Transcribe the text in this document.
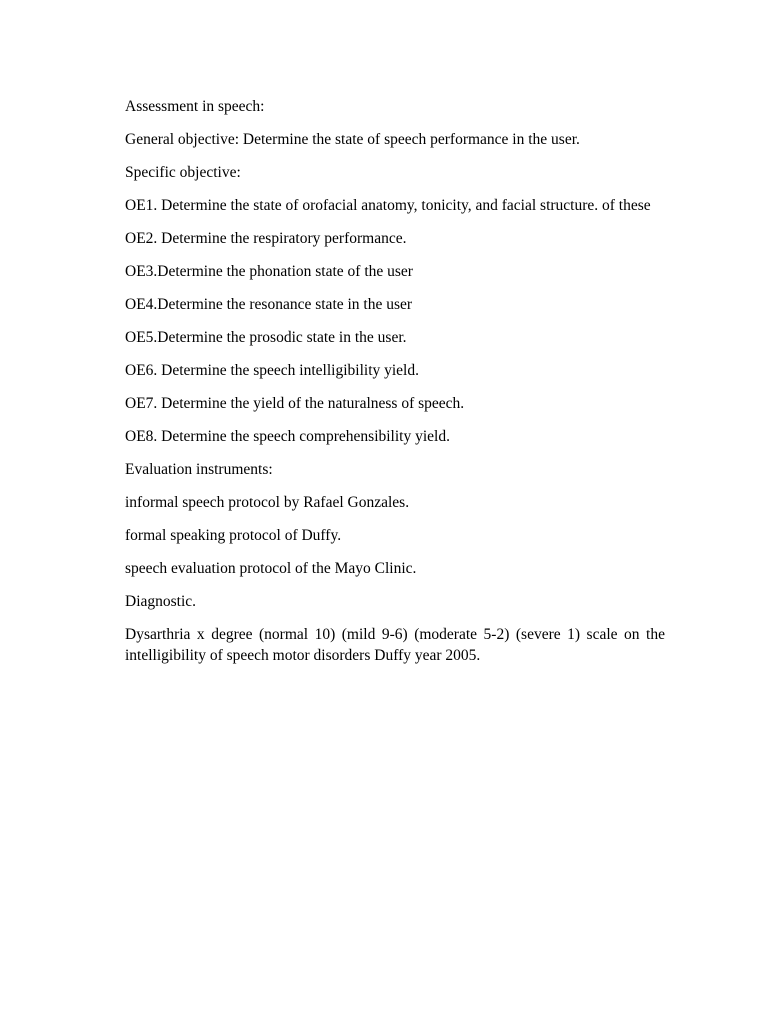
Assessment in speech:

General objective: Determine the state of speech performance in the user.

Specific objective:

OE1. Determine the state of orofacial anatomy, tonicity, and facial structure. of these

OE2. Determine the respiratory performance.

OE3.Determine the phonation state of the user

OE4.Determine the resonance state in the user

OE5.Determine the prosodic state in the user.

OE6. Determine the speech intelligibility yield.

OE7. Determine the yield of the naturalness of speech.

OE8. Determine the speech comprehensibility yield.

Evaluation instruments:

informal speech protocol by Rafael Gonzales.

formal speaking protocol of Duffy.

speech evaluation protocol of the Mayo Clinic.

Diagnostic.

Dysarthria x degree (normal 10) (mild 9-6) (moderate 5-2) (severe 1) scale on the intelligibility of speech motor disorders Duffy year 2005.
